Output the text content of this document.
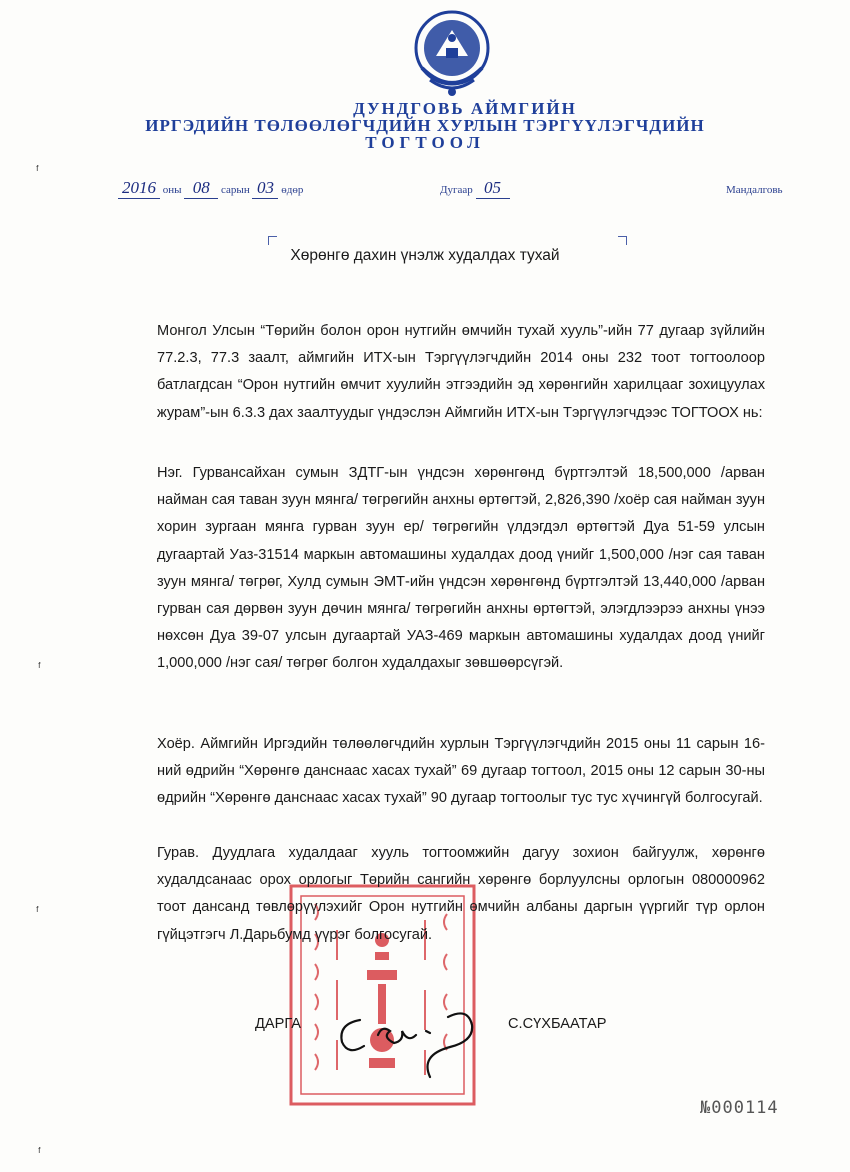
ДУНДГОВЬ АЙМГИЙН
ИРГЭДИЙН ТӨЛӨӨЛӨГЧДИЙН ХУРЛЫН ТЭРГҮҮЛЭГЧДИЙН
ТОГТООЛ
2016 оны 08 сарын 03 өдөр	Дугаар 05	Мандалговь
Хөрөнгө дахин үнэлж худалдах тухай

Монгол Улсын “Төрийн болон орон нутгийн өмчийн тухай хууль”-ийн 77 дугаар зүйлийн 77.2.3, 77.3 заалт, аймгийн ИТХ-ын Тэргүүлэгчдийн 2014 оны 232 тоот тогтоолоор батлагдсан “Орон нутгийн өмчит хуулийн этгээдийн эд хөрөнгийн харилцааг зохицуулах журам”-ын 6.3.3 дах заалтуудыг үндэслэн Аймгийн ИТХ-ын Тэргүүлэгчдээс ТОГТООХ нь:

Нэг. Гурвансайхан сумын ЗДТГ-ын үндсэн хөрөнгөнд бүртгэлтэй 18,500,000 /арван найман сая таван зуун мянга/ төгрөгийн анхны өртөгтэй, 2,826,390 /хоёр сая найман зуун хорин зургаан мянга гурван зуун ер/ төгрөгийн үлдэгдэл өртөгтэй Дуа 51-59 улсын дугаартай Уаз-31514 маркын автомашины худалдах доод үнийг 1,500,000 /нэг сая таван зуун мянга/ төгрөг, Хулд сумын ЭМТ-ийн үндсэн хөрөнгөнд бүртгэлтэй 13,440,000 /арван гурван сая дөрвөн зуун дөчин мянга/ төгрөгийн анхны өртөгтэй, элэгдлээрээ анхны үнээ нөхсөн Дуа 39-07 улсын дугаартай УАЗ-469 маркын автомашины худалдах доод үнийг 1,000,000 /нэг сая/ төгрөг болгон худалдахыг зөвшөөрсүгэй.

Хоёр. Аймгийн Иргэдийн төлөөлөгчдийн хурлын Тэргүүлэгчдийн 2015 оны 11 сарын 16-ний өдрийн “Хөрөнгө данснаас хасах тухай” 69 дугаар тогтоол, 2015 оны 12 сарын 30-ны өдрийн “Хөрөнгө данснаас хасах тухай” 90 дугаар тогтоолыг тус тус хүчингүй болгосугай.

Гурав. Дуудлага худалдааг хууль тогтоомжийн дагуу зохион байгуулж, хөрөнгө худалдсанаас орох орлогыг Төрийн сангийн хөрөнгө борлуулсны орлогын 080000962 тоот дансанд төвлөрүүлэхийг Орон нутгийн өмчийн албаны даргын үүргийг түр орлон гүйцэтгэгч Л.Дарьбумд үүрэг болгосугай.

ДАРГА	С.СҮХБААТАР
№000114
ᶠ
ᶠ
ᶠ
ᶠ
